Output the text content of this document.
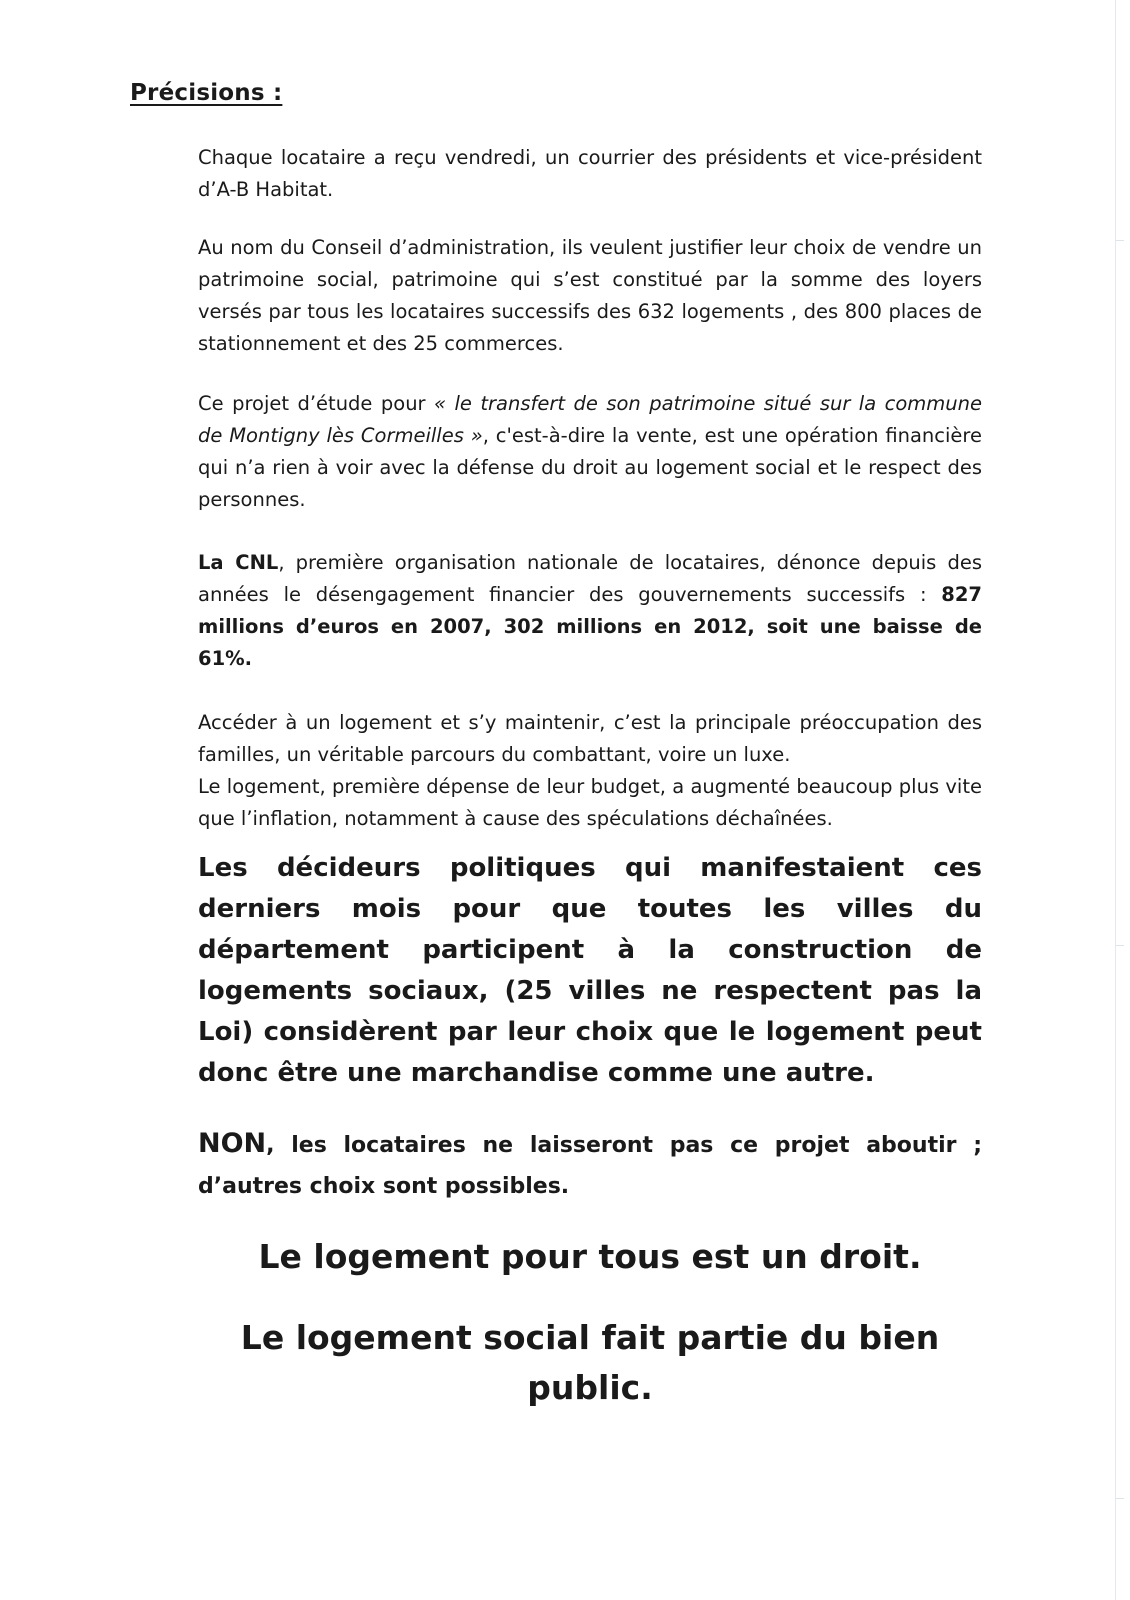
Précisions :

Chaque locataire a reçu vendredi, un courrier des présidents et vice-président d’A-B Habitat.

Au nom du Conseil d’administration, ils veulent justifier leur choix de vendre un patrimoine social, patrimoine qui s’est constitué par la somme des loyers versés par tous les locataires successifs des 632 logements , des 800 places de stationnement et des 25 commerces.

Ce projet d’étude pour « le transfert de son patrimoine situé sur la commune de Montigny lès Cormeilles », c'est-à-dire la vente, est une opération financière qui n’a rien à voir avec la défense du droit au logement social et le respect des personnes.

La CNL, première organisation nationale de locataires, dénonce depuis des années le désengagement financier des gouvernements successifs : 827 millions d’euros en 2007, 302 millions en 2012, soit une baisse de 61%.

Accéder à un logement et s’y maintenir, c’est la principale préoccupation des familles, un véritable parcours du combattant, voire un luxe.

Le logement, première dépense de leur budget, a augmenté beaucoup plus vite que l’inflation, notamment à cause des spéculations déchaînées.

Les décideurs politiques qui manifestaient ces derniers mois pour que toutes les villes du département participent à la construction de logements sociaux, (25 villes ne respectent pas la Loi) considèrent par leur choix que le logement peut donc être une marchandise comme une autre.

NON, les locataires ne laisseront pas ce projet aboutir ; d’autres choix sont possibles.

Le logement pour tous est un droit.

Le logement social fait partie du bien public.
